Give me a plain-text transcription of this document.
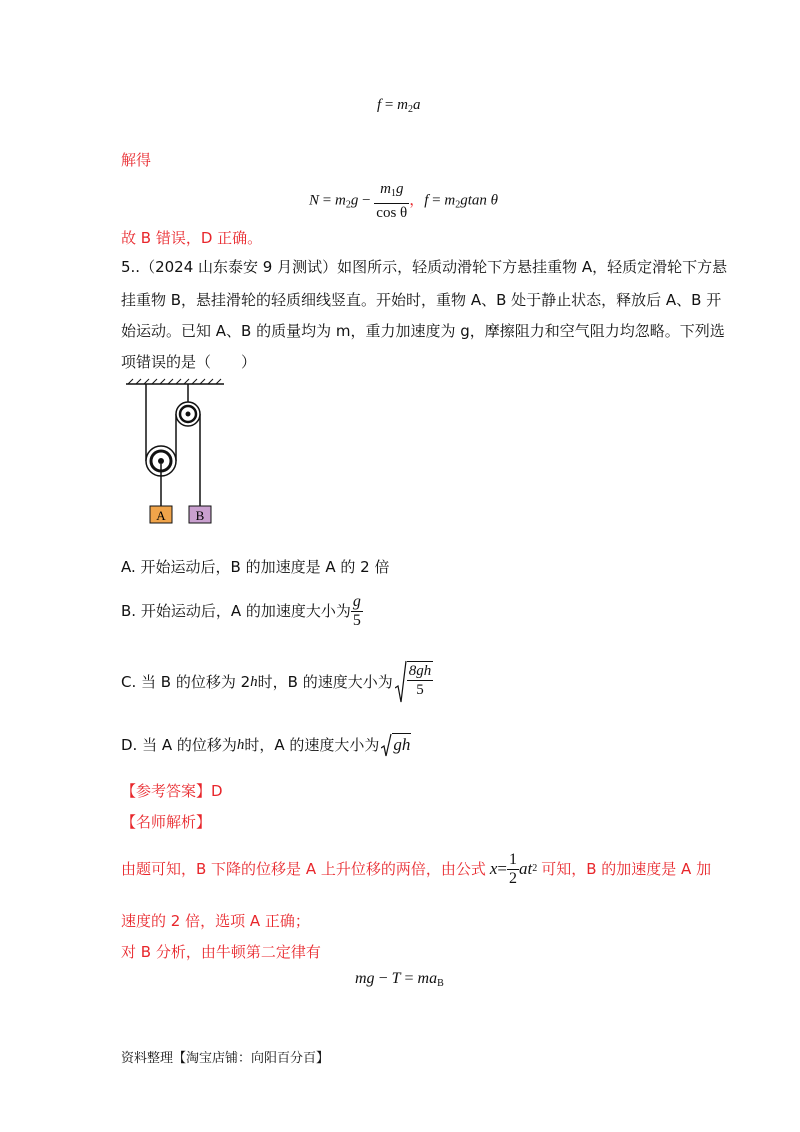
$f = m_2a$
解得
$N = m_2g - \frac{m_1g}{\text{cos θ}}$ ，$f = m_2gtan$ θ
故 B 错误，D 正确。
5..（2024 山东泰安 9 月测试）如图所示，轻质动滑轮下方悬挂重物 A，轻质定滑轮下方悬
挂重物 B，悬挂滑轮的轻质细线竖直。开始时，重物 A、B 处于静止状态，释放后 A、B 开
始运动。已知 A、B 的质量均为 m，重力加速度为 g，摩擦阻力和空气阻力均忽略。下列选
项错误的是（　　）
A B
A. 开始运动后，B 的加速度是 A 的 2 倍
B. 开始运动后，A 的加速度大小为 $\frac{g}{5}$
C. 当 B 的位移为 2 h 时，B 的速度大小为 $\frac{8gh}{5}$
D. 当 A 的位移为 h 时，A 的速度大小为 gh
【参考答案】D
【名师解析】
由题可知，B 下降的位移是 A 上升位移的两倍，由公式 $x = \frac{1}{2}$ at 2 可知，B 的加速度是 A 加
速度的 2 倍，选项 A 正确；
对 B 分析，由牛顿第二定律有
mg − $T = ma_B$
资料整理【淘宝店铺：向阳百分百】
